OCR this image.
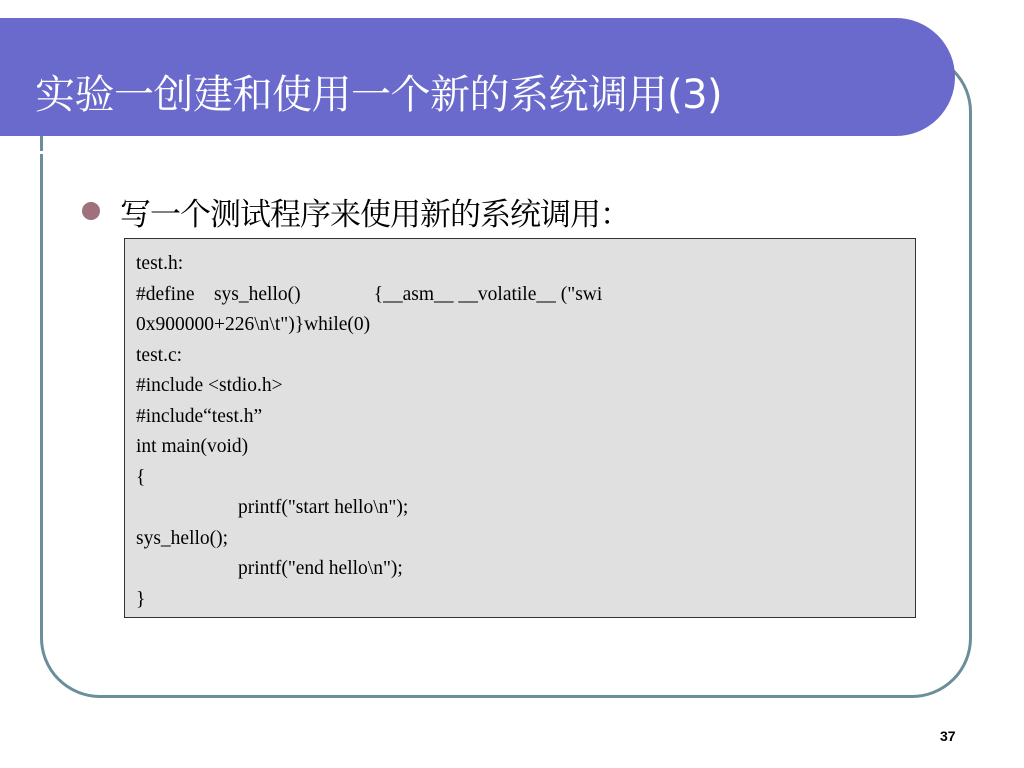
实验一创建和使用一个新的系统调用(3)
写一个测试程序来使用新的系统调用：
test.h:
#define    sys_hello()               {__asm__ __volatile__ ("swi
0x900000+226\n\t")}while(0)
test.c:
#include <stdio.h>
#include“test.h”
int main(void)
{
printf("start hello\n");
sys_hello();
printf("end hello\n");
}
37
